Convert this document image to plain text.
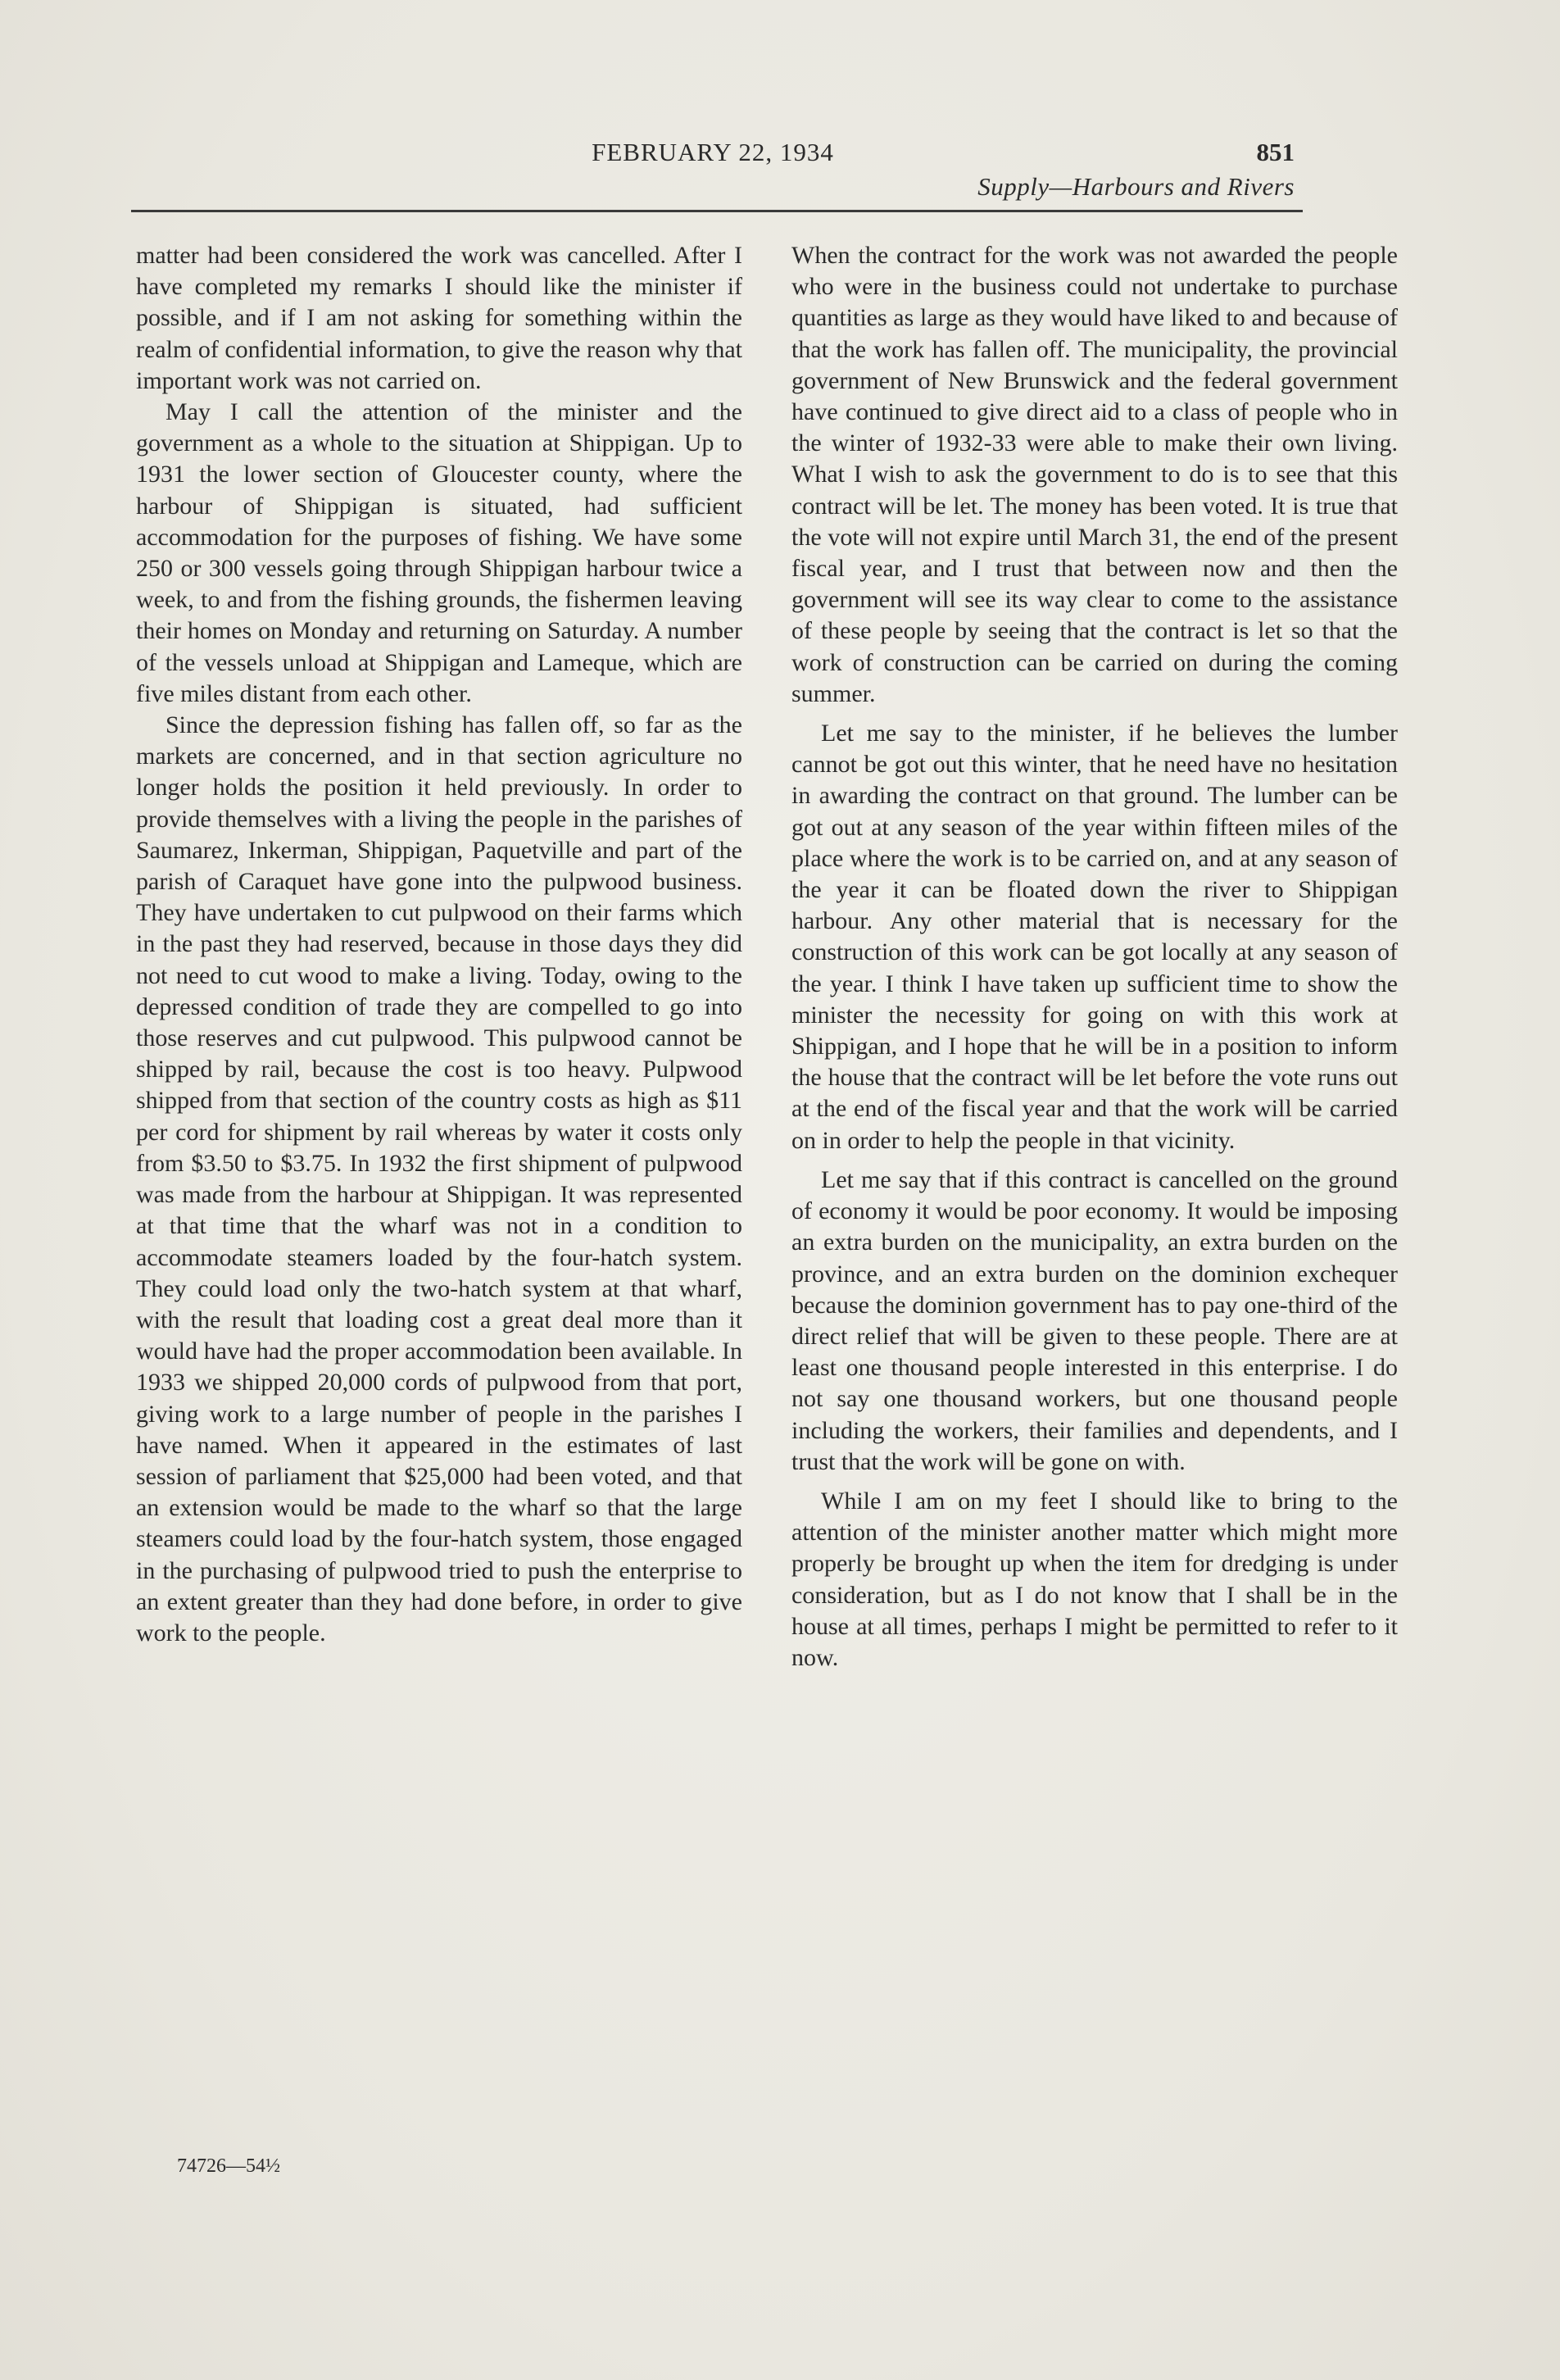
FEBRUARY 22, 1934	851
Supply—Harbours and Rivers

matter had been considered the work was cancelled. After I have completed my remarks I should like the minister if possible, and if I am not asking for something within the realm of confidential information, to give the reason why that important work was not carried on.

May I call the attention of the minister and the government as a whole to the situation at Shippigan. Up to 1931 the lower section of Gloucester county, where the harbour of Shippigan is situated, had sufficient accommodation for the purposes of fishing. We have some 250 or 300 vessels going through Shippigan harbour twice a week, to and from the fishing grounds, the fishermen leaving their homes on Monday and returning on Saturday. A number of the vessels unload at Shippigan and Lameque, which are five miles distant from each other.

Since the depression fishing has fallen off, so far as the markets are concerned, and in that section agriculture no longer holds the position it held previously. In order to provide themselves with a living the people in the parishes of Saumarez, Inkerman, Shippigan, Paquetville and part of the parish of Caraquet have gone into the pulpwood business. They have undertaken to cut pulpwood on their farms which in the past they had reserved, because in those days they did not need to cut wood to make a living. Today, owing to the depressed condition of trade they are compelled to go into those reserves and cut pulpwood. This pulpwood cannot be shipped by rail, because the cost is too heavy. Pulpwood shipped from that section of the country costs as high as $11 per cord for shipment by rail whereas by water it costs only from $3.50 to $3.75. In 1932 the first shipment of pulpwood was made from the harbour at Shippigan. It was represented at that time that the wharf was not in a condition to accommodate steamers loaded by the four-hatch system. They could load only the two-hatch system at that wharf, with the result that loading cost a great deal more than it would have had the proper accommodation been available. In 1933 we shipped 20,000 cords of pulpwood from that port, giving work to a large number of people in the parishes I have named. When it appeared in the estimates of last session of parliament that $25,000 had been voted, and that an extension would be made to the wharf so that the large steamers could load by the four-hatch system, those engaged in the purchasing of pulpwood tried to push the enterprise to an extent greater than they had done before, in order to give work to the people.

When the contract for the work was not awarded the people who were in the business could not undertake to purchase quantities as large as they would have liked to and because of that the work has fallen off. The municipality, the provincial government of New Brunswick and the federal government have continued to give direct aid to a class of people who in the winter of 1932-33 were able to make their own living. What I wish to ask the government to do is to see that this contract will be let. The money has been voted. It is true that the vote will not expire until March 31, the end of the present fiscal year, and I trust that between now and then the government will see its way clear to come to the assistance of these people by seeing that the contract is let so that the work of construction can be carried on during the coming summer.

Let me say to the minister, if he believes the lumber cannot be got out this winter, that he need have no hesitation in awarding the contract on that ground. The lumber can be got out at any season of the year within fifteen miles of the place where the work is to be carried on, and at any season of the year it can be floated down the river to Shippigan harbour. Any other material that is necessary for the construction of this work can be got locally at any season of the year. I think I have taken up sufficient time to show the minister the necessity for going on with this work at Shippigan, and I hope that he will be in a position to inform the house that the contract will be let before the vote runs out at the end of the fiscal year and that the work will be carried on in order to help the people in that vicinity.

Let me say that if this contract is cancelled on the ground of economy it would be poor economy. It would be imposing an extra burden on the municipality, an extra burden on the province, and an extra burden on the dominion exchequer because the dominion government has to pay one-third of the direct relief that will be given to these people. There are at least one thousand people interested in this enterprise. I do not say one thousand workers, but one thousand people including the workers, their families and dependents, and I trust that the work will be gone on with.

While I am on my feet I should like to bring to the attention of the minister another matter which might more properly be brought up when the item for dredging is under consideration, but as I do not know that I shall be in the house at all times, perhaps I might be permitted to refer to it now.

74726—54½
